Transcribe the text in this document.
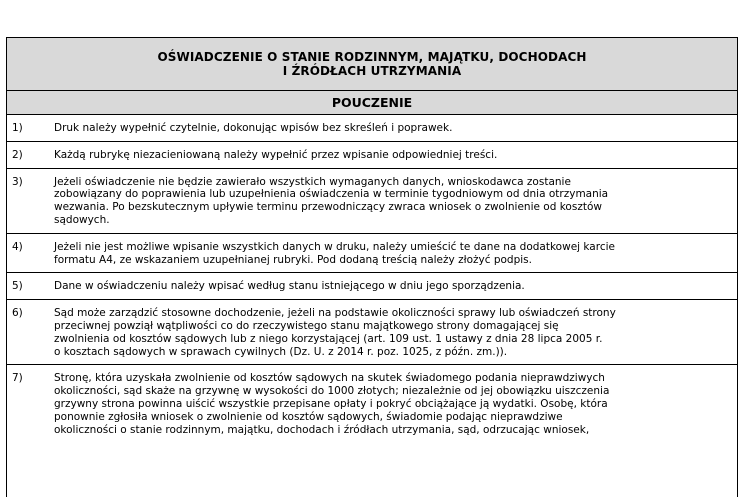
OŚWIADCZENIE O STANIE RODZINNYM, MAJĄTKU, DOCHODACH
I ŹRÓDŁACH UTRZYMANIA
POUCZENIE
1)	Druk należy wypełnić czytelnie, dokonując wpisów bez skreśleń i poprawek.
2)	Każdą rubrykę niezacieniowaną należy wypełnić przez wpisanie odpowiedniej treści.
3)	Jeżeli oświadczenie nie będzie zawierało wszystkich wymaganych danych, wnioskodawca zostanie
zobowiązany do poprawienia lub uzupełnienia oświadczenia w terminie tygodniowym od dnia otrzymania
wezwania. Po bezskutecznym upływie terminu przewodniczący zwraca wniosek o zwolnienie od kosztów
sądowych.
4)	Jeżeli nie jest możliwe wpisanie wszystkich danych w druku, należy umieścić te dane na dodatkowej karcie
formatu A4, ze wskazaniem uzupełnianej rubryki. Pod dodaną treścią należy złożyć podpis.
5)	Dane w oświadczeniu należy wpisać według stanu istniejącego w dniu jego sporządzenia.
6)	Sąd może zarządzić stosowne dochodzenie, jeżeli na podstawie okoliczności sprawy lub oświadczeń strony
przeciwnej powziął wątpliwości co do rzeczywistego stanu majątkowego strony domagającej się
zwolnienia od kosztów sądowych lub z niego korzystającej (art. 109 ust. 1 ustawy z dnia 28 lipca 2005 r.
o kosztach sądowych w sprawach cywilnych (Dz. U. z 2014 r. poz. 1025, z późn. zm.)).
7)	Stronę, która uzyskała zwolnienie od kosztów sądowych na skutek świadomego podania nieprawdziwych
okoliczności, sąd skaże na grzywnę w wysokości do 1000 złotych; niezależnie od jej obowiązku uiszczenia
grzywny strona powinna uiścić wszystkie przepisane opłaty i pokryć obciążające ją wydatki. Osobę, która
ponownie zgłosiła wniosek o zwolnienie od kosztów sądowych, świadomie podając nieprawdziwe
okoliczności o stanie rodzinnym, majątku, dochodach i źródłach utrzymania, sąd, odrzucając wniosek,
